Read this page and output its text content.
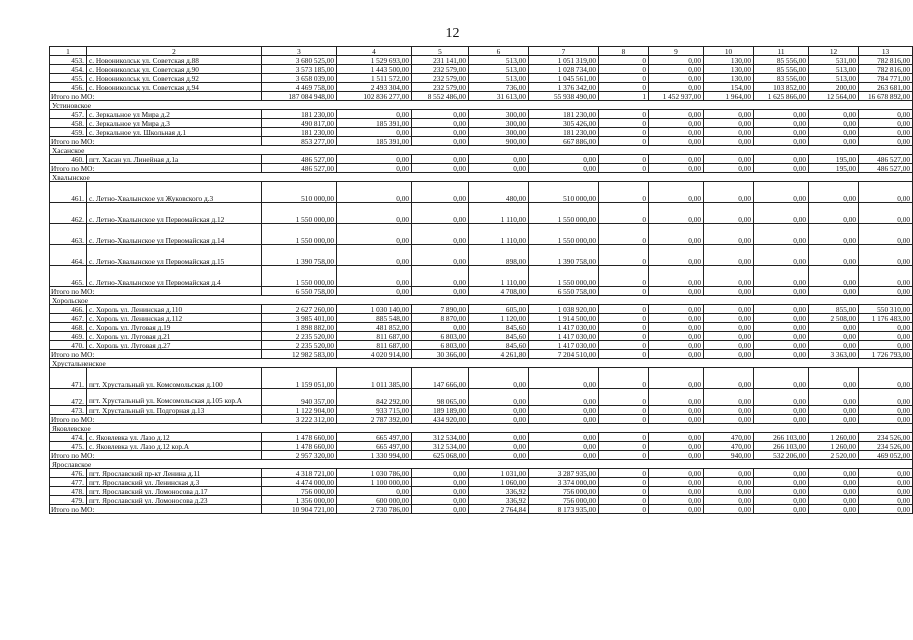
12
1	2	3	4	5	6	7	8	9	10	11	12	13
453.	с. Новониколськ ул. Советская д.88	3 680 525,00	1 529 693,00	231 141,00	513,00	1 051 319,00	0	0,00	130,00	85 556,00	531,00	782 816,00
454.	с. Новониколськ ул. Советская д.90	3 573 185,00	1 443 500,00	232 579,00	513,00	1 028 734,00	0	0,00	130,00	85 556,00	513,00	782 816,00
455.	с. Новониколськ ул. Советская д.92	3 658 039,00	1 511 572,00	232 579,00	513,00	1 045 561,00	0	0,00	130,00	83 556,00	513,00	784 771,00
456.	с. Новониколськ ул. Советская д.94	4 469 758,00	2 493 304,00	232 579,00	736,00	1 376 342,00	0	0,00	154,00	103 852,00	200,00	263 681,00
Итого по МО:		187 084 948,00	102 836 277,00	8 552 486,00	31 613,00	55 938 490,00	1	1 452 937,00	1 964,00	1 625 866,00	12 564,00	16 678 892,00
Устиновское												
457.	с. Зеркальное ул Мира д.2	181 230,00	0,00	0,00	300,00	181 230,00	0	0,00	0,00	0,00	0,00	0,00
458.	с. Зеркальное ул Мира д.3	490 817,00	185 391,00	0,00	300,00	305 426,00	0	0,00	0,00	0,00	0,00	0,00
459.	с. Зеркальное ул. Школьная д.1	181 230,00	0,00	0,00	300,00	181 230,00	0	0,00	0,00	0,00	0,00	0,00
Итого по МО:		853 277,00	185 391,00	0,00	900,00	667 886,00	0	0,00	0,00	0,00	0,00	0,00
Хасанское												
460.	пгт. Хасан ул. Линейная д.1а	486 527,00	0,00	0,00	0,00	0,00	0	0,00	0,00	0,00	195,00	486 527,00
Итого по МО:		486 527,00	0,00	0,00	0,00	0,00	0	0,00	0,00	0,00	195,00	486 527,00
Хвалынское												
461.	с. Летно-Хвалынское ул Жуковского д.3	510 000,00	0,00	0,00	480,00	510 000,00	0	0,00	0,00	0,00	0,00	0,00
462.	с. Летно-Хвалынское ул Первомайская д.12	1 550 000,00	0,00	0,00	1 110,00	1 550 000,00	0	0,00	0,00	0,00	0,00	0,00
463.	с. Летно-Хвалынское ул Первомайская д.14	1 550 000,00	0,00	0,00	1 110,00	1 550 000,00	0	0,00	0,00	0,00	0,00	0,00
464.	с. Летно-Хвалынское ул Первомайская д.15	1 390 758,00	0,00	0,00	898,00	1 390 758,00	0	0,00	0,00	0,00	0,00	0,00
465.	с. Летно-Хвалынское ул Первомайская д.4	1 550 000,00	0,00	0,00	1 110,00	1 550 000,00	0	0,00	0,00	0,00	0,00	0,00
Итого по МО:		6 550 758,00	0,00	0,00	4 708,00	6 550 758,00	0	0,00	0,00	0,00	0,00	0,00
Хорольское												
466.	с. Хороль ул. Ленинская д.110	2 627 260,00	1 030 140,00	7 890,00	605,00	1 038 920,00	0	0,00	0,00	0,00	855,00	550 310,00
467.	с. Хороль ул. Ленинская д.112	3 985 401,00	885 548,00	8 870,00	1 120,00	1 914 500,00	0	0,00	0,00	0,00	2 508,00	1 176 483,00
468.	с. Хороль ул. Луговая д.19	1 898 882,00	481 852,00	0,00	845,60	1 417 030,00	0	0,00	0,00	0,00	0,00	0,00
469.	с. Хороль ул. Луговая д.21	2 235 520,00	811 687,00	6 803,00	845,60	1 417 030,00	0	0,00	0,00	0,00	0,00	0,00
470.	с. Хороль ул. Луговая д.27	2 235 520,00	811 687,00	6 803,00	845,60	1 417 030,00	0	0,00	0,00	0,00	0,00	0,00
Итого по МО:		12 982 583,00	4 020 914,00	30 366,00	4 261,80	7 204 510,00	0	0,00	0,00	0,00	3 363,00	1 726 793,00
Хрустальненское												
471.	пгт. Хрустальный ул. Комсомольская д.100	1 159 051,00	1 011 385,00	147 666,00	0,00	0,00	0	0,00	0,00	0,00	0,00	0,00
472.	пгт. Хрустальный ул. Комсомольская д.105 кор.А	940 357,00	842 292,00	98 065,00	0,00	0,00	0	0,00	0,00	0,00	0,00	0,00
473.	пгт. Хрустальный ул. Подгорная д.13	1 122 904,00	933 715,00	189 189,00	0,00	0,00	0	0,00	0,00	0,00	0,00	0,00
Итого по МО:		3 222 312,00	2 787 392,00	434 920,00	0,00	0,00	0	0,00	0,00	0,00	0,00	0,00
Яковлевское												
474.	с. Яковлевка ул. Лазо д.12	1 478 660,00	665 497,00	312 534,00	0,00	0,00	0	0,00	470,00	266 103,00	1 260,00	234 526,00
475.	с. Яковлевка ул. Лазо д.12 кор.А	1 478 660,00	665 497,00	312 534,00	0,00	0,00	0	0,00	470,00	266 103,00	1 260,00	234 526,00
Итого по МО:		2 957 320,00	1 330 994,00	625 068,00	0,00	0,00	0	0,00	940,00	532 206,00	2 520,00	469 052,00
Ярославское												
476.	пгт. Ярославский пр-кт Ленина д.11	4 318 721,00	1 030 786,00	0,00	1 031,00	3 287 935,00	0	0,00	0,00	0,00	0,00	0,00
477.	пгт. Ярославский ул. Ленинская д.3	4 474 000,00	1 100 000,00	0,00	1 060,00	3 374 000,00	0	0,00	0,00	0,00	0,00	0,00
478.	пгт. Ярославский ул. Ломоносова д.17	756 000,00	0,00	0,00	336,92	756 000,00	0	0,00	0,00	0,00	0,00	0,00
479.	пгт. Ярославский ул. Ломоносова д.23	1 356 000,00	600 000,00	0,00	336,92	756 000,00	0	0,00	0,00	0,00	0,00	0,00
Итого по МО:		10 904 721,00	2 730 786,00	0,00	2 764,84	8 173 935,00	0	0,00	0,00	0,00	0,00	0,00
